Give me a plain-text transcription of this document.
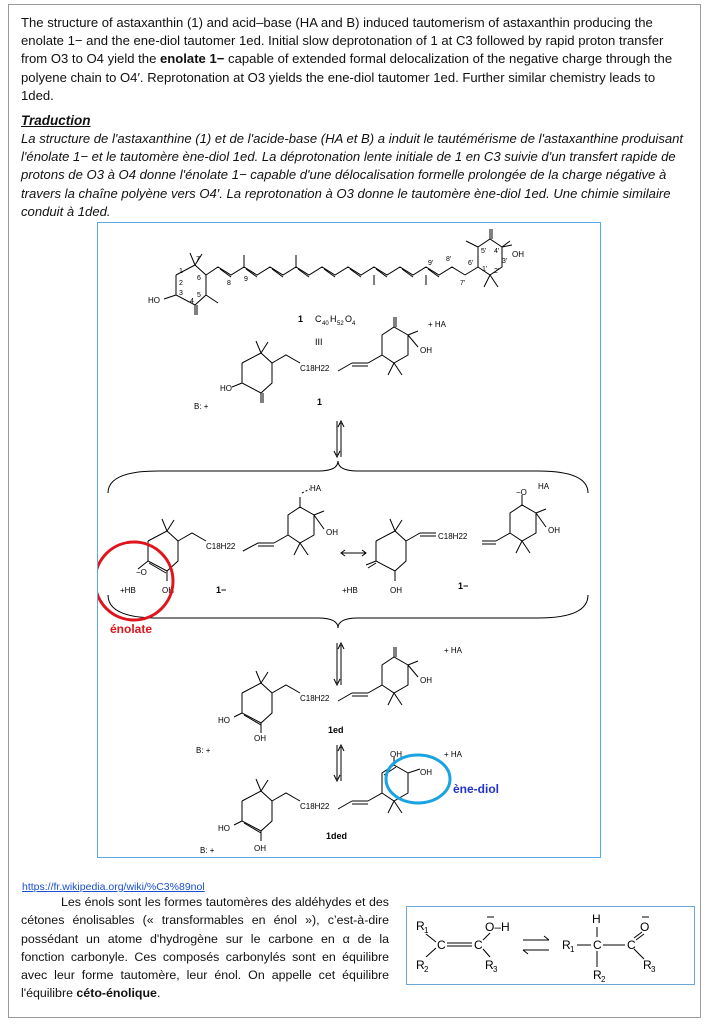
The structure of astaxanthin (1) and acid–base (HA and B) induced tautomerism of astaxanthin producing the enolate 1− and the ene-diol tautomer 1ed. Initial slow deprotonation of 1 at C3 followed by rapid proton transfer from O3 to O4 yield the enolate 1− capable of extended formal delocalization of the negative charge through the polyene chain to O4′. Reprotonation at O3 yields the ene-diol tautomer 1ed. Further similar chemistry leads to 1ded.

Traduction

La structure de l'astaxanthine (1) et de l'acide-base (HA et B) a induit le tautémérisme de l'astaxanthine produisant l'énolate 1− et le tautomère ène-diol 1ed. La déprotonation lente initiale de 1 en C3 suivie d'un transfert rapide de protons de O3 à O4 donne l'énolate 1− capable d'une délocalisation formelle prolongée de la charge négative à travers la chaîne polyène vers O4′. La reprotonation à O3 donne le tautomère ène-diol 1ed. Une chimie similaire conduit à 1ded.

7
1
6
2
3 5
4
8
9
9'
8'
7'
6'
5' 4'
3'
2'
1'
HO
OH
1 C 40 H 52 O 4
III
C18H22
HO
OH
+ HA
B: +	1
C18H22
−O
+HB	OH
HA
OH
1−
C18H22
+HB	OH
−O
HA
OH
1−
énolate
C18H22
HO
OH
OH
+ HA
B: +
1ed
C18H22
HO
OH
OH
OH
+ HA
B: +
1ded
ène-diol
https://fr.wikipedia.org/wiki/%C3%89nol

Les énols sont les formes tautomères des aldéhydes et des cétones énolisables (« transformables en énol »), c’est-à-dire possédant un atome d'hydrogène sur le carbone en α de la fonction carbonyle. Ces composés carbonylés sont en équilibre avec leur forme tautomère, leur énol. On appelle cet équilibre l'équilibre céto-énolique.

R 1
R 2
C C
O–H
R 3
H
R 1 C
R 2
C
O
R 3
